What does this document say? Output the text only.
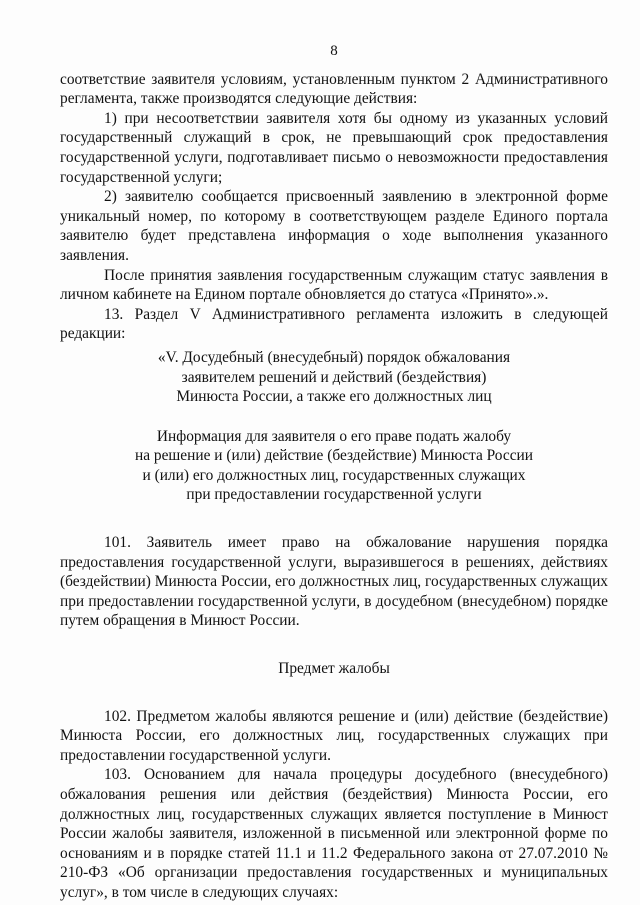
8

соответствие заявителя условиям, установленным пунктом 2 Административного регламента, также производятся следующие действия:

1) при несоответствии заявителя хотя бы одному из указанных условий государственный служащий в срок, не превышающий срок предоставления государственной услуги, подготавливает письмо о невозможности предоставления государственной услуги;

2) заявителю сообщается присвоенный заявлению в электронной форме уникальный номер, по которому в соответствующем разделе Единого портала заявителю будет представлена информация о ходе выполнения указанного заявления.

После принятия заявления государственным служащим статус заявления в личном кабинете на Едином портале обновляется до статуса «Принято».».

13. Раздел V Административного регламента изложить в следующей редакции:

«V. Досудебный (внесудебный) порядок обжалования
заявителем решений и действий (бездействия)
Минюста России, а также его должностных лиц
Информация для заявителя о его праве подать жалобу
на решение и (или) действие (бездействие) Минюста России
и (или) его должностных лиц, государственных служащих
при предоставлении государственной услуги

101. Заявитель имеет право на обжалование нарушения порядка предоставления государственной услуги, выразившегося в решениях, действиях (бездействии) Минюста России, его должностных лиц, государственных служащих при предоставлении государственной услуги, в досудебном (внесудебном) порядке путем обращения в Минюст России.

Предмет жалобы

102. Предметом жалобы являются решение и (или) действие (бездействие) Минюста России, его должностных лиц, государственных служащих при предоставлении государственной услуги.

103. Основанием для начала процедуры досудебного (внесудебного) обжалования решения или действия (бездействия) Минюста России, его должностных лиц, государственных служащих является поступление в Минюст России жалобы заявителя, изложенной в письменной или электронной форме по основаниям и в порядке статей 11.1 и 11.2 Федерального закона от 27.07.2010 № 210-ФЗ «Об организации предоставления государственных и муниципальных услуг», в том числе в следующих случаях:
